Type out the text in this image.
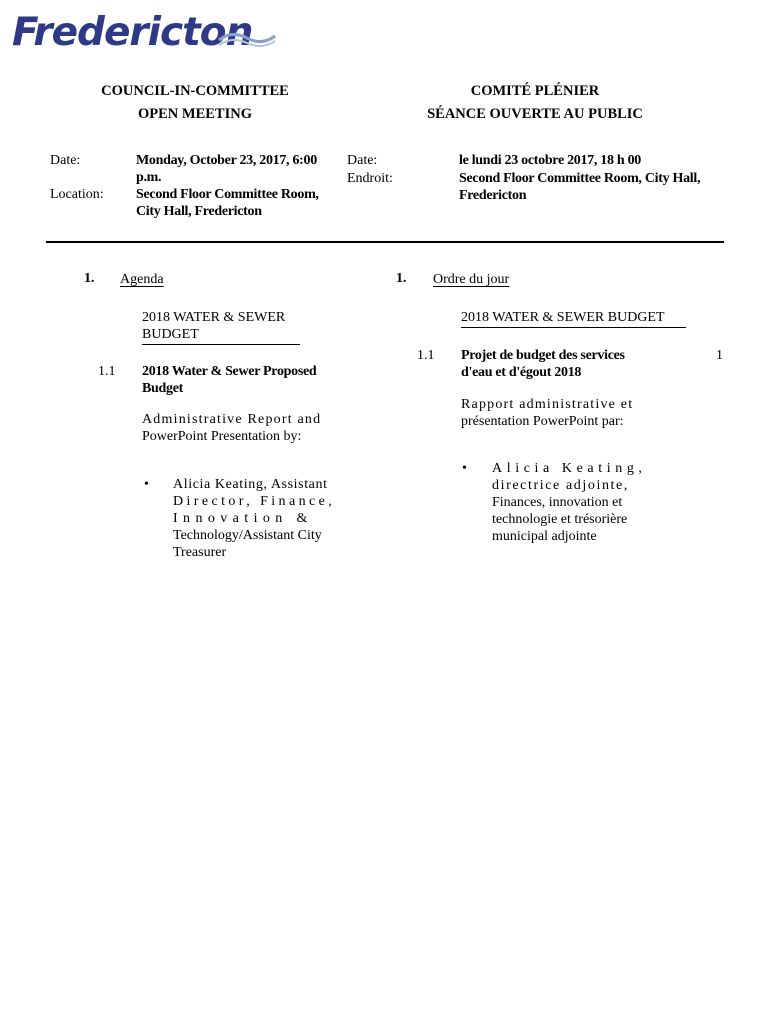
Fredericton
COUNCIL-IN-COMMITTEE
OPEN MEETING
COMITÉ PLÉNIER
SÉANCE OUVERTE AU PUBLIC
Date:	Monday, October 23, 2017, 6:00
p.m.
Location: Second Floor Committee Room,
City Hall, Fredericton
Date:
Endroit:
le lundi 23 octobre 2017, 18 h 00
Second Floor Committee Room, City Hall,
Fredericton
1. Agenda	1. Ordre du jour
2018 WATER & SEWER
BUDGET
2018 WATER & SEWER BUDGET
1.1 2018 Water & Sewer Proposed
Budget
1.1 Projet de budget des services
d'eau et d'égout 2018
1
Administrative Report and
PowerPoint Presentation by:
Rapport administrative et
présentation PowerPoint par:
• Alicia Keating, Assistant
Director, Finance,
Innovation &
Technology/Assistant City
Treasurer
• Alicia Keating,
directrice adjointe,
Finances, innovation et
technologie et trésorière
municipal adjointe
